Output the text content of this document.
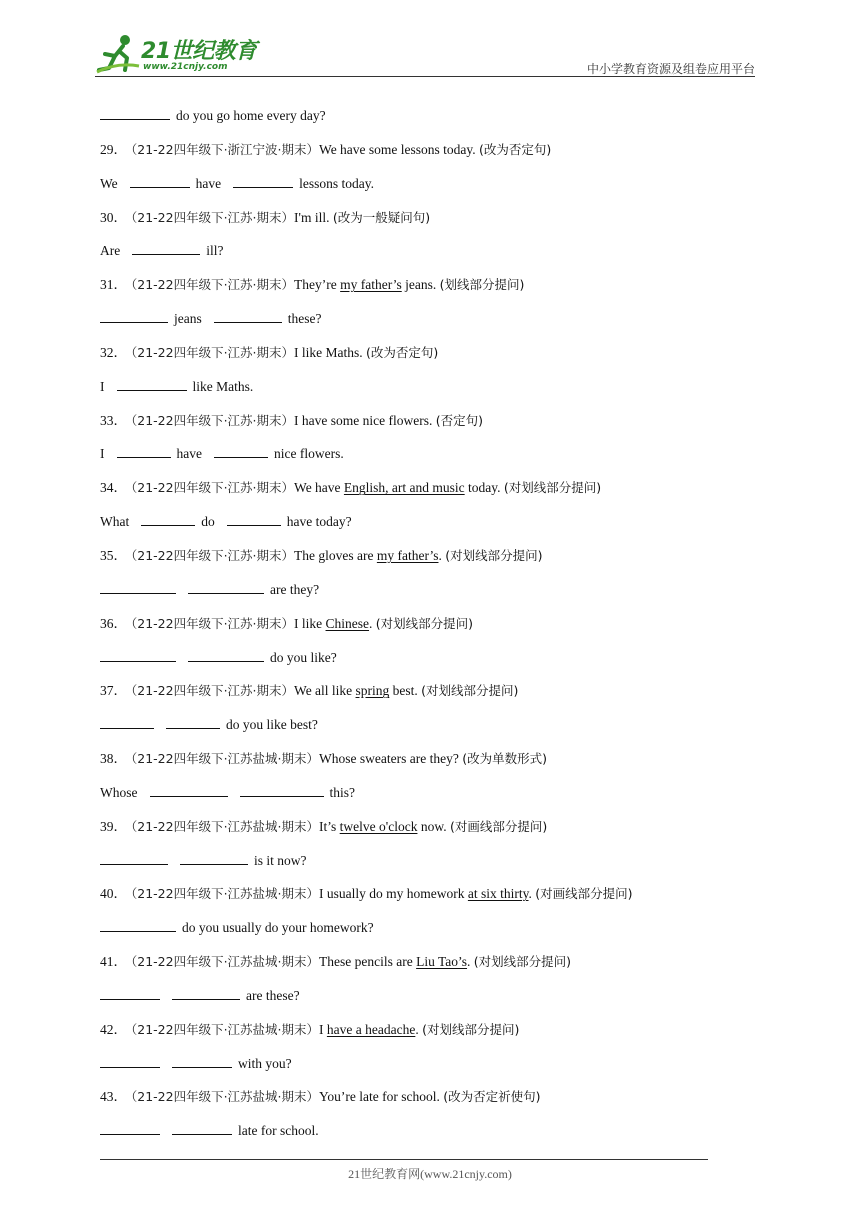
21世纪教育
www.21cnjy.com	中小学教育资源及组卷应用平台
do you go home every day?
29． （21-22四年级下·浙江宁波·期末）We have some lessons today. (改为否定句)
We	have	lessons today.
30． （21-22四年级下·江苏·期末）I'm ill. (改为一般疑问句)
Are	ill?
31． （21-22四年级下·江苏·期末）They’re my father’s jeans. (划线部分提问)
jeans	these?
32． （21-22四年级下·江苏·期末）I like Maths. (改为否定句)
I	like Maths.
33． （21-22四年级下·江苏·期末）I have some nice flowers. (否定句)
I	have	nice flowers.
34． （21-22四年级下·江苏·期末）We have English, art and music today. (对划线部分提问)
What	do	have today?
35． （21-22四年级下·江苏·期末）The gloves are my father’s. (对划线部分提问)
are they?
36． （21-22四年级下·江苏·期末）I like Chinese. (对划线部分提问)
do you like?
37． （21-22四年级下·江苏·期末）We all like spring best. (对划线部分提问)
do you like best?
38． （21-22四年级下·江苏盐城·期末）Whose sweaters are they? (改为单数形式)
Whose	this?
39． （21-22四年级下·江苏盐城·期末）It’s twelve o'clock now. (对画线部分提问)
is it now?
40． （21-22四年级下·江苏盐城·期末）I usually do my homework at six thirty. (对画线部分提问)
do you usually do your homework?
41． （21-22四年级下·江苏盐城·期末）These pencils are Liu Tao’s. (对划线部分提问)
are these?
42． （21-22四年级下·江苏盐城·期末）I have a headache. (对划线部分提问)
with you?
43． （21-22四年级下·江苏盐城·期末）You’re late for school. (改为否定祈使句)
late for school.
21世纪教育网(www.21cnjy.com)
